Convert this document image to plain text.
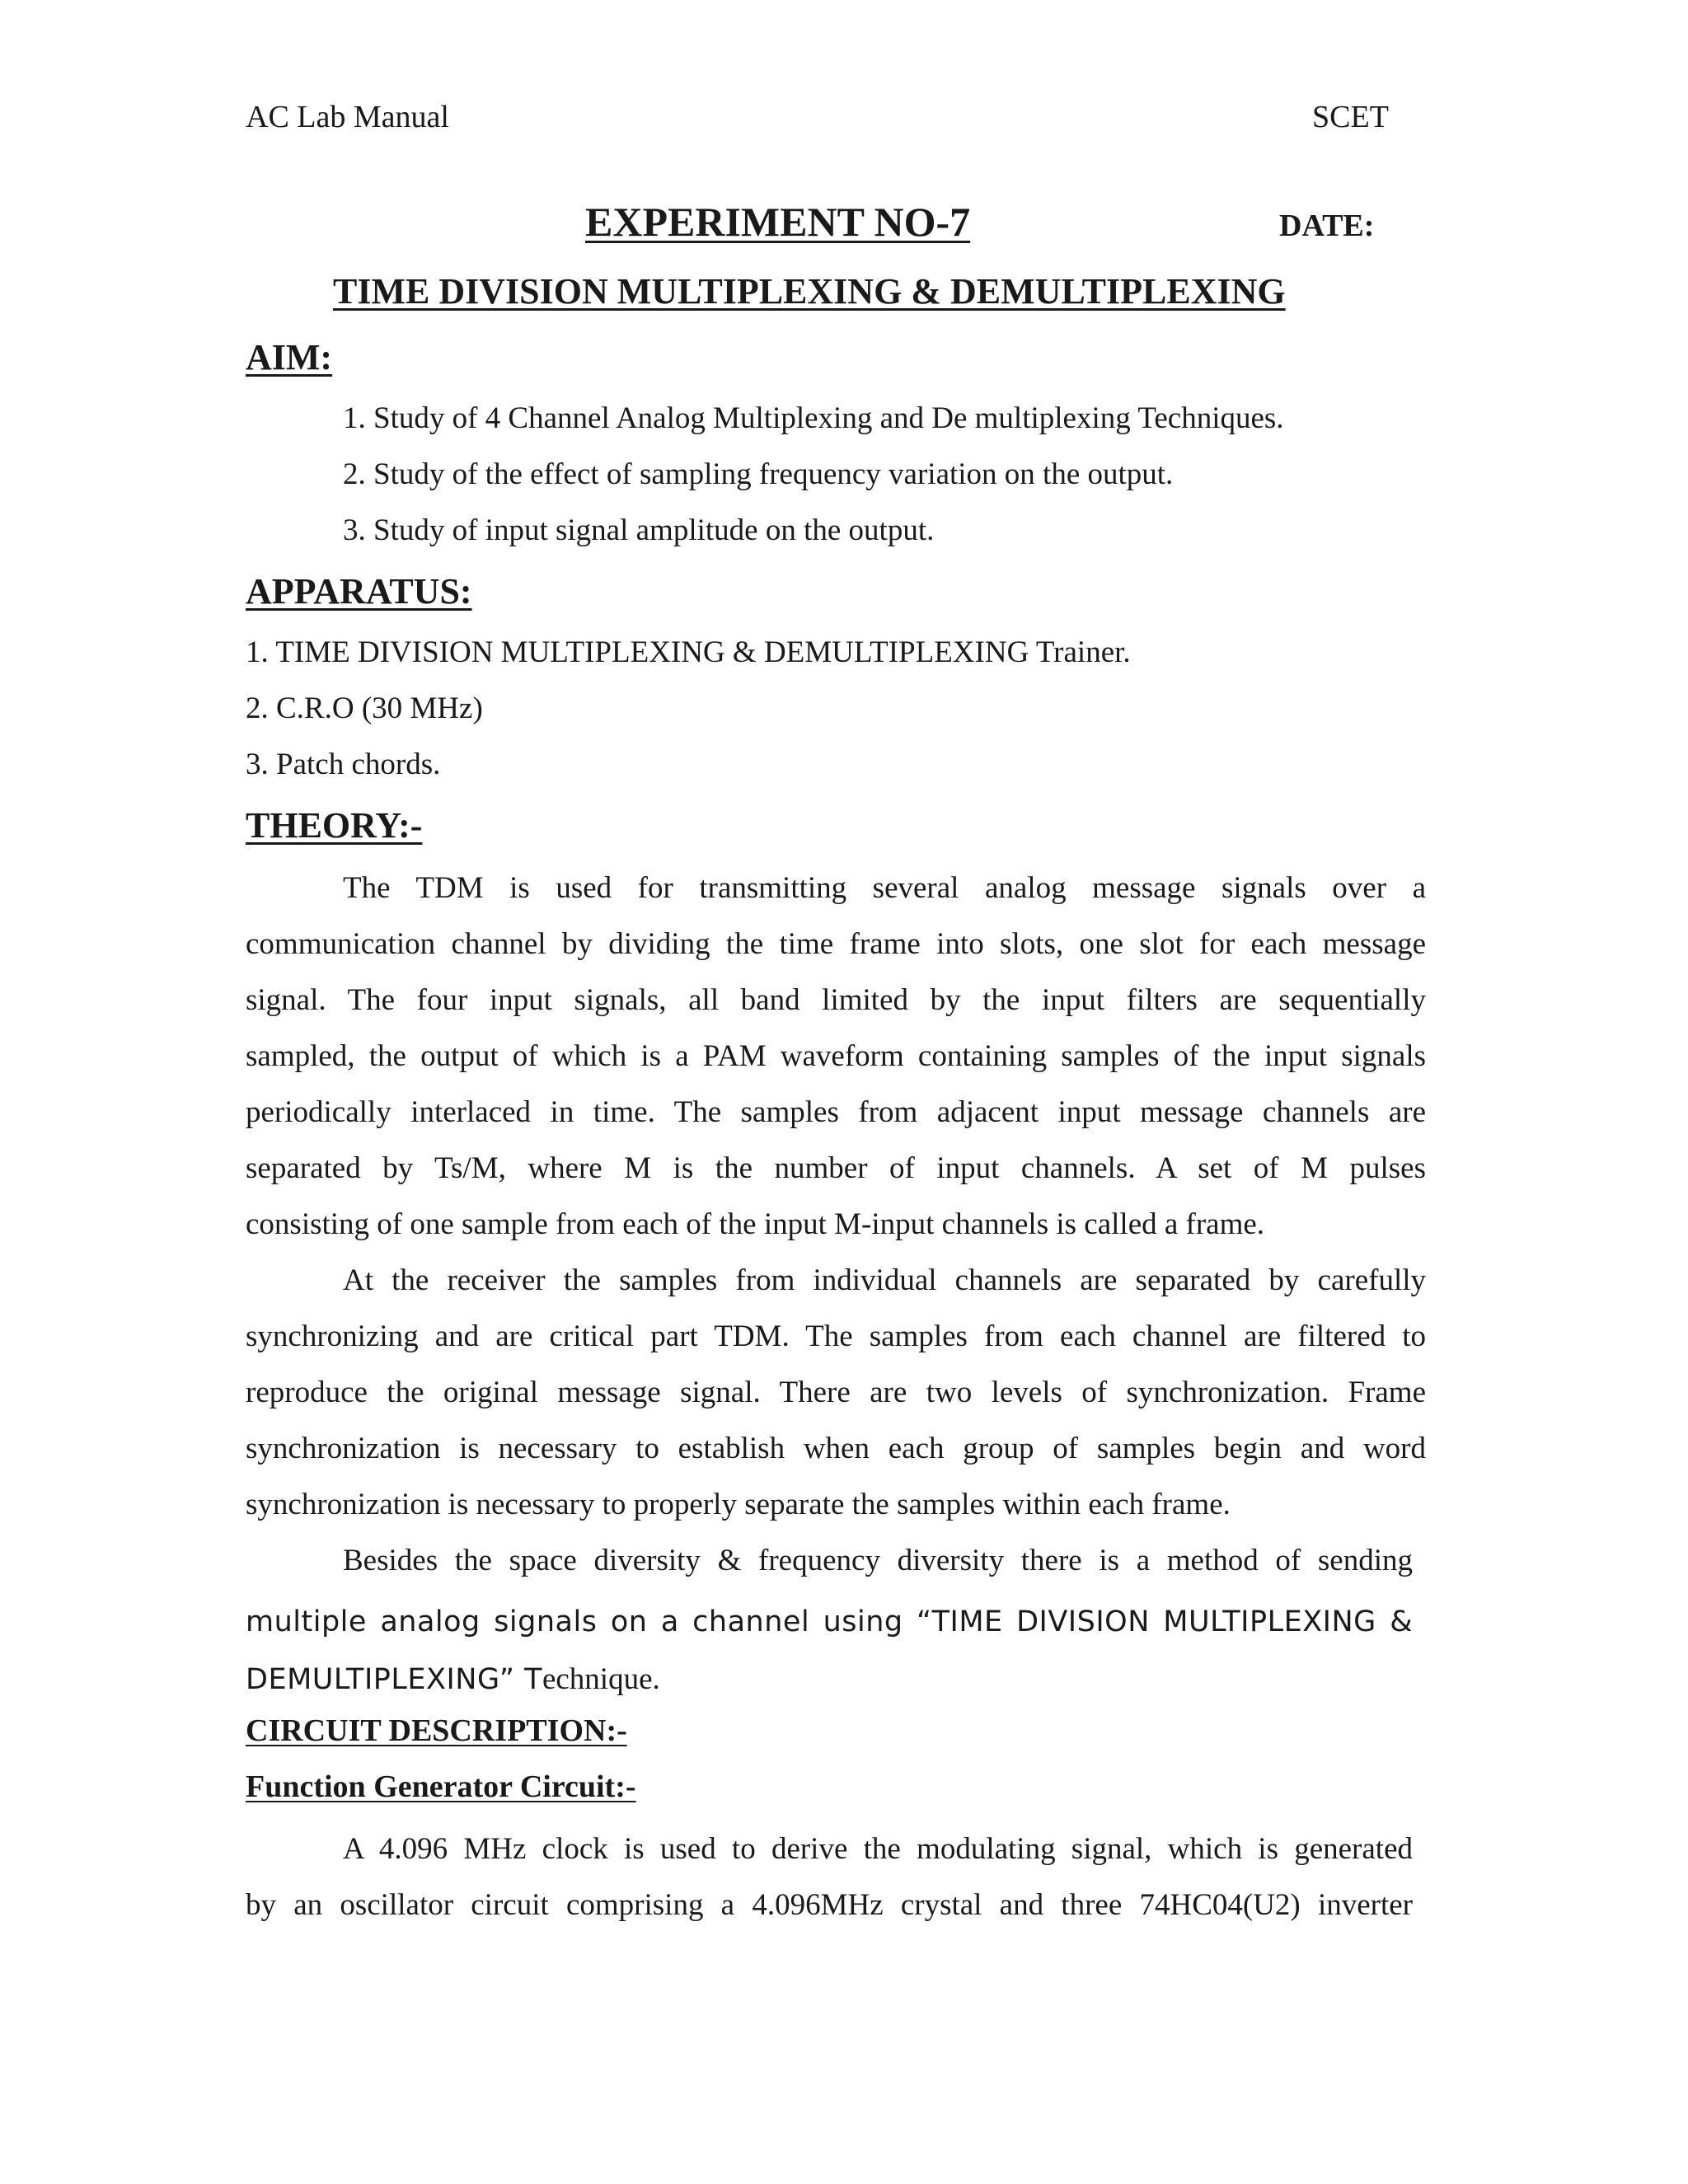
AC Lab Manual	SCET
EXPERIMENT NO-7	DATE:
TIME DIVISION MULTIPLEXING & DEMULTIPLEXING
AIM:
1. Study of 4 Channel Analog Multiplexing and De multiplexing Techniques.
2. Study of the effect of sampling frequency variation on the output.
3. Study of input signal amplitude on the output.
APPARATUS:
1. TIME DIVISION MULTIPLEXING & DEMULTIPLEXING Trainer.
2. C.R.O (30 MHz)
3. Patch chords.
THEORY:-
The TDM is used for transmitting several analog message signals over a
communication channel by dividing the time frame into slots, one slot for each message
signal. The four input signals, all band limited by the input filters are sequentially
sampled, the output of which is a PAM waveform containing samples of the input signals
periodically interlaced in time. The samples from adjacent input message channels are
separated by Ts/M, where M is the number of input channels. A set of M pulses
consisting of one sample from each of the input M-input channels is called a frame.
At the receiver the samples from individual channels are separated by carefully
synchronizing and are critical part TDM. The samples from each channel are filtered to
reproduce the original message signal. There are two levels of synchronization. Frame
synchronization is necessary to establish when each group of samples begin and word
synchronization is necessary to properly separate the samples within each frame.
Besides the space diversity & frequency diversity there is a method of sending
multiple analog signals on a channel using “TIME DIVISION MULTIPLEXING &
DEMULTIPLEXING” Technique.
CIRCUIT DESCRIPTION:-
Function Generator Circuit:-
A 4.096 MHz clock is used to derive the modulating signal, which is generated
by an oscillator circuit comprising a 4.096MHz crystal and three 74HC04(U2) inverter
